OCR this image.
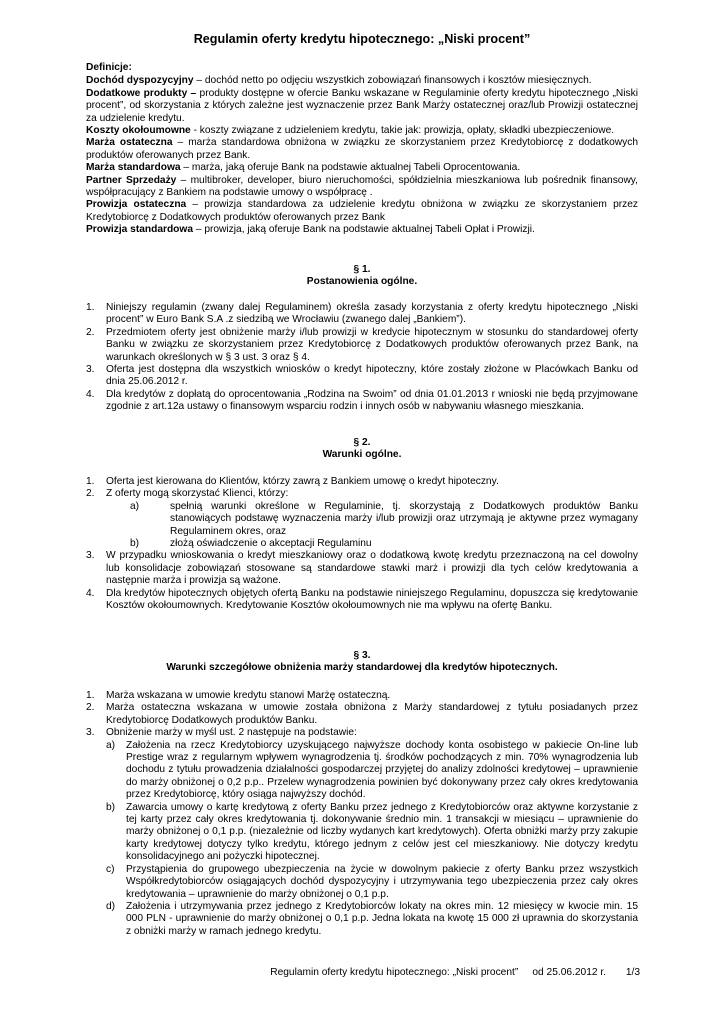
Regulamin oferty kredytu hipotecznego: „Niski procent”
Definicje:

Dochód dyspozycyjny – dochód netto po odjęciu wszystkich zobowiązań finansowych i kosztów miesięcznych.

Dodatkowe produkty – produkty dostępne w ofercie Banku wskazane w Regulaminie oferty kredytu hipotecznego „Niski procent”, od skorzystania z których zależne jest wyznaczenie przez Bank Marży ostatecznej oraz/lub Prowizji ostatecznej za udzielenie kredytu.

Koszty okołoumowne - koszty związane z udzieleniem kredytu, takie jak: prowizja, opłaty, składki ubezpieczeniowe.

Marża ostateczna – marża standardowa obniżona w związku ze skorzystaniem przez Kredytobiorcę z dodatkowych produktów oferowanych przez Bank.

Marża standardowa – marża, jaką oferuje Bank na podstawie aktualnej Tabeli Oprocentowania.

Partner Sprzedaży – multibroker, developer, biuro nieruchomości, spółdzielnia mieszkaniowa lub pośrednik finansowy, współpracujący z Bankiem na podstawie umowy o współpracę .

Prowizja ostateczna – prowizja standardowa za udzielenie kredytu obniżona w związku ze skorzystaniem przez Kredytobiorcę z Dodatkowych produktów oferowanych przez Bank

Prowizja standardowa – prowizja, jaką oferuje Bank na podstawie aktualnej Tabeli Opłat i Prowizji.

§ 1.
Postanowienia ogólne.

1. Niniejszy regulamin (zwany dalej Regulaminem) określa zasady korzystania z oferty kredytu hipotecznego „Niski procent” w Euro Bank S.A .z siedzibą we Wrocławiu (zwanego dalej „Bankiem”).

2. Przedmiotem oferty jest obniżenie marży i/lub prowizji w kredycie hipotecznym w stosunku do standardowej oferty Banku w związku ze skorzystaniem przez Kredytobiorcę z Dodatkowych produktów oferowanych przez Bank, na warunkach określonych w § 3 ust. 3 oraz § 4.

3. Oferta jest dostępna dla wszystkich wniosków o kredyt hipoteczny, które zostały złożone w Placówkach Banku od dnia 25.06.2012 r.

4. Dla kredytów z dopłatą do oprocentowania „Rodzina na Swoim” od dnia 01.01.2013 r wnioski nie będą przyjmowane zgodnie z art.12a ustawy o finansowym wsparciu rodzin i innych osób w nabywaniu własnego mieszkania.

§ 2.
Warunki ogólne.

1. Oferta jest kierowana do Klientów, którzy zawrą z Bankiem umowę o kredyt hipoteczny.

2. Z oferty mogą skorzystać Klienci, którzy:

a)	spełnią warunki określone w Regulaminie, tj. skorzystają z Dodatkowych produktów Banku stanowiących podstawę wyznaczenia marży i/lub prowizji oraz utrzymają je aktywne przez wymagany Regulaminem okres, oraz

b)	złożą oświadczenie o akceptacji Regulaminu

3. W przypadku wnioskowania o kredyt mieszkaniowy oraz o dodatkową kwotę kredytu przeznaczoną na cel dowolny lub konsolidacje zobowiązań stosowane są standardowe stawki marż i prowizji dla tych celów kredytowania a następnie marża i prowizja są ważone.

4. Dla kredytów hipotecznych objętych ofertą Banku na podstawie niniejszego Regulaminu, dopuszcza się kredytowanie Kosztów okołoumownych. Kredytowanie Kosztów okołoumownych nie ma wpływu na ofertę Banku.

§ 3.
Warunki szczegółowe obniżenia marży standardowej dla kredytów hipotecznych.

1. Marża wskazana w umowie kredytu stanowi Marżę ostateczną.

2. Marża ostateczna wskazana w umowie została obniżona z Marży standardowej z tytułu posiadanych przez Kredytobiorcę Dodatkowych produktów Banku.

3. Obniżenie marży w myśl ust. 2 następuje na podstawie:

a) Założenia na rzecz Kredytobiorcy uzyskującego najwyższe dochody konta osobistego w pakiecie On-line lub Prestige wraz z regularnym wpływem wynagrodzenia tj. środków pochodzących z min. 70% wynagrodzenia lub dochodu z tytułu prowadzenia działalności gospodarczej przyjętej do analizy zdolności kredytowej – uprawnienie do marży obniżonej o 0,2 p.p.. Przelew wynagrodzenia powinien być dokonywany przez cały okres kredytowania przez Kredytobiorcę, który osiąga najwyższy dochód.

b) Zawarcia umowy o kartę kredytową z oferty Banku przez jednego z Kredytobiorców oraz aktywne korzystanie z tej karty przez cały okres kredytowania tj. dokonywanie średnio min. 1 transakcji w miesiącu – uprawnienie do marży obniżonej o 0,1 p.p. (niezależnie od liczby wydanych kart kredytowych). Oferta obniżki marży przy zakupie karty kredytowej dotyczy tylko kredytu, którego jednym z celów jest cel mieszkaniowy. Nie dotyczy kredytu konsolidacyjnego ani pożyczki hipotecznej.

c) Przystąpienia do grupowego ubezpieczenia na życie w dowolnym pakiecie z oferty Banku przez wszystkich Współkredytobiorców osiągających dochód dyspozycyjny i utrzymywania tego ubezpieczenia przez cały okres kredytowania – uprawnienie do marży obniżonej o 0,1 p.p.

d) Założenia i utrzymywania przez jednego z Kredytobiorców lokaty na okres min. 12 miesięcy w kwocie min. 15 000 PLN - uprawnienie do marży obniżonej o 0,1 p.p. Jedna lokata na kwotę 15 000 zł uprawnia do skorzystania z obniżki marży w ramach jednego kredytu.

Regulamin oferty kredytu hipotecznego: „Niski procent”     od 25.06.2012 r.       1/3
